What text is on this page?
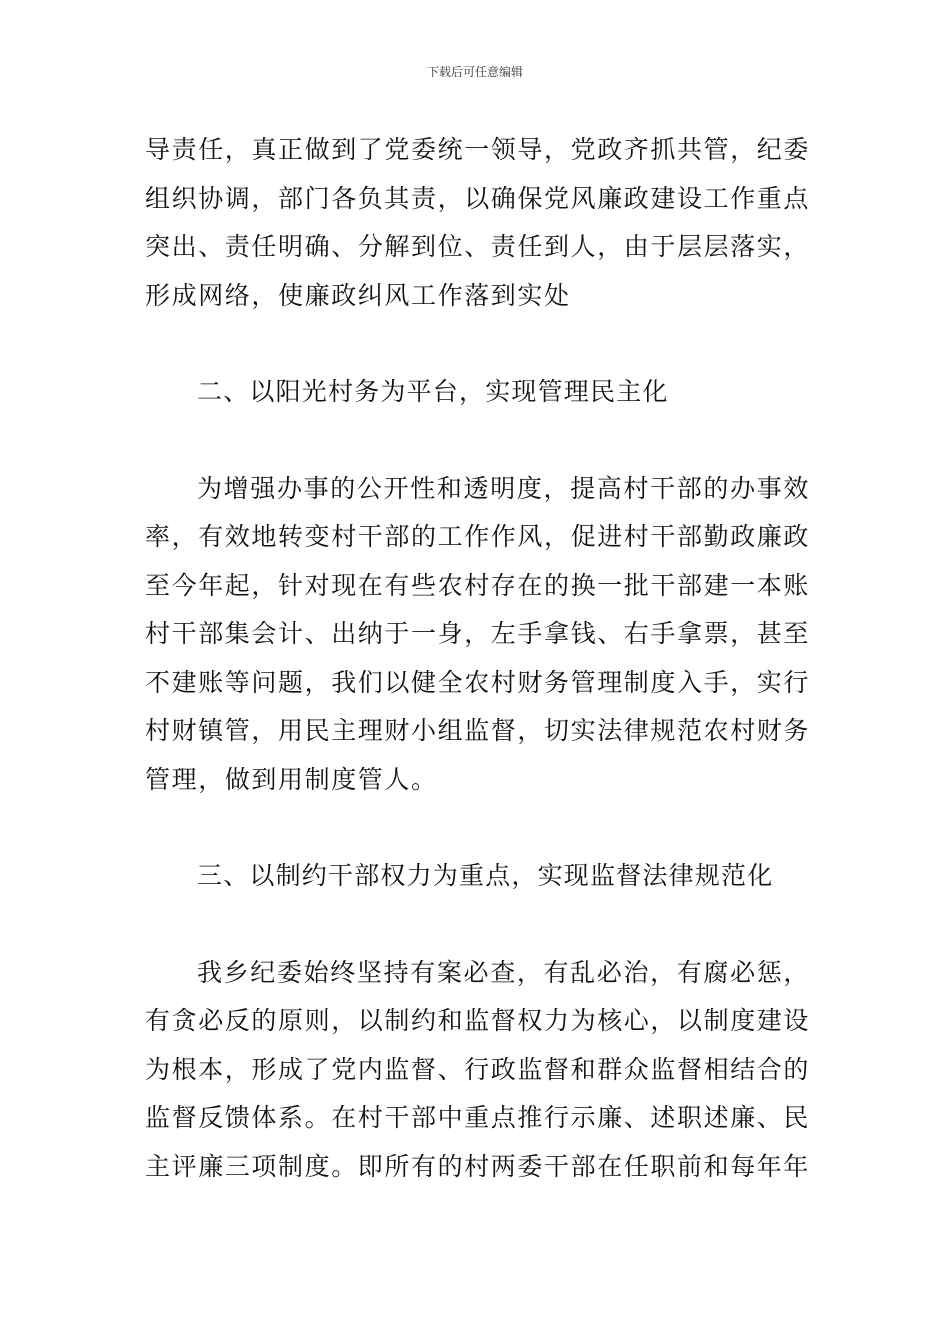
下载后可任意编辑

导责任，真正做到了党委统一领导，党政齐抓共管，纪委组织协调，部门各负其责，以确保党风廉政建设工作重点突出、责任明确、分解到位、责任到人，由于层层落实，形成网络，使廉政纠风工作落到实处

二、以阳光村务为平台，实现管理民主化

为增强办事的公开性和透明度，提高村干部的办事效率，有效地转变村干部的工作作风，促进村干部勤政廉政至今年起，针对现在有些农村存在的换一批干部建一本账村干部集会计、出纳于一身，左手拿钱、右手拿票，甚至不建账等问题，我们以健全农村财务管理制度入手，实行村财镇管，用民主理财小组监督，切实法律规范农村财务管理，做到用制度管人。

三、以制约干部权力为重点，实现监督法律规范化

我乡纪委始终坚持有案必查，有乱必治，有腐必惩，有贪必反的原则，以制约和监督权力为核心，以制度建设为根本，形成了党内监督、行政监督和群众监督相结合的监督反馈体系。在村干部中重点推行示廉、述职述廉、民主评廉三项制度。即所有的村两委干部在任职前和每年年
